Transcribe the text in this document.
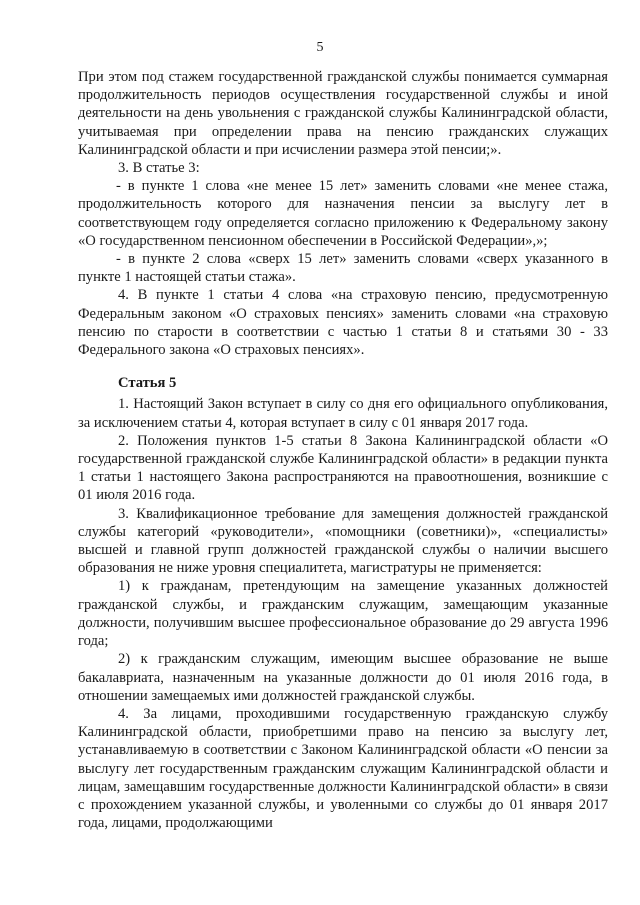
5

При этом под стажем государственной гражданской службы понимается суммарная продолжительность периодов осуществления государственной службы и иной деятельности на день увольнения с гражданской службы Калининградской области, учитываемая при определении права на пенсию гражданских служащих Калининградской области и при исчислении размера этой пенсии;».

3. В статье 3:

- в пункте 1 слова «не менее 15 лет» заменить словами «не менее стажа, продолжительность которого для назначения пенсии за выслугу лет в соответствующем году определяется согласно приложению к Федеральному закону «О государственном пенсионном обеспечении в Российской Федерации»,»;

- в пункте 2 слова «сверх 15 лет» заменить словами «сверх указанного в пункте 1 настоящей статьи стажа».

4. В пункте 1 статьи 4 слова «на страховую пенсию, предусмотренную Федеральным законом «О страховых пенсиях» заменить словами «на страховую пенсию по старости в соответствии с частью 1 статьи 8 и статьями 30 - 33 Федерального закона «О страховых пенсиях».

Статья 5

1. Настоящий Закон вступает в силу со дня его официального опубликования, за исключением статьи 4, которая вступает в силу с 01 января 2017 года.

2. Положения пунктов 1-5 статьи 8 Закона Калининградской области «О государственной гражданской службе Калининградской области» в редакции пункта 1 статьи 1 настоящего Закона распространяются на правоотношения, возникшие с 01 июля 2016 года.

3. Квалификационное требование для замещения должностей гражданской службы категорий «руководители», «помощники (советники)», «специалисты» высшей и главной групп должностей гражданской службы о наличии высшего образования не ниже уровня специалитета, магистратуры не применяется:

1) к гражданам, претендующим на замещение указанных должностей гражданской службы, и гражданским служащим, замещающим указанные должности, получившим высшее профессиональное образование до 29 августа 1996 года;

2) к гражданским служащим, имеющим высшее образование не выше бакалавриата, назначенным на указанные должности до 01 июля 2016 года, в отношении замещаемых ими должностей гражданской службы.

4. За лицами, проходившими государственную гражданскую службу Калининградской области, приобретшими право на пенсию за выслугу лет, устанавливаемую в соответствии с Законом Калининградской области «О пенсии за выслугу лет государственным гражданским служащим Калининградской области и лицам, замещавшим государственные должности Калининградской области» в связи с прохождением указанной службы, и уволенными со службы до 01 января 2017 года, лицами, продолжающими
